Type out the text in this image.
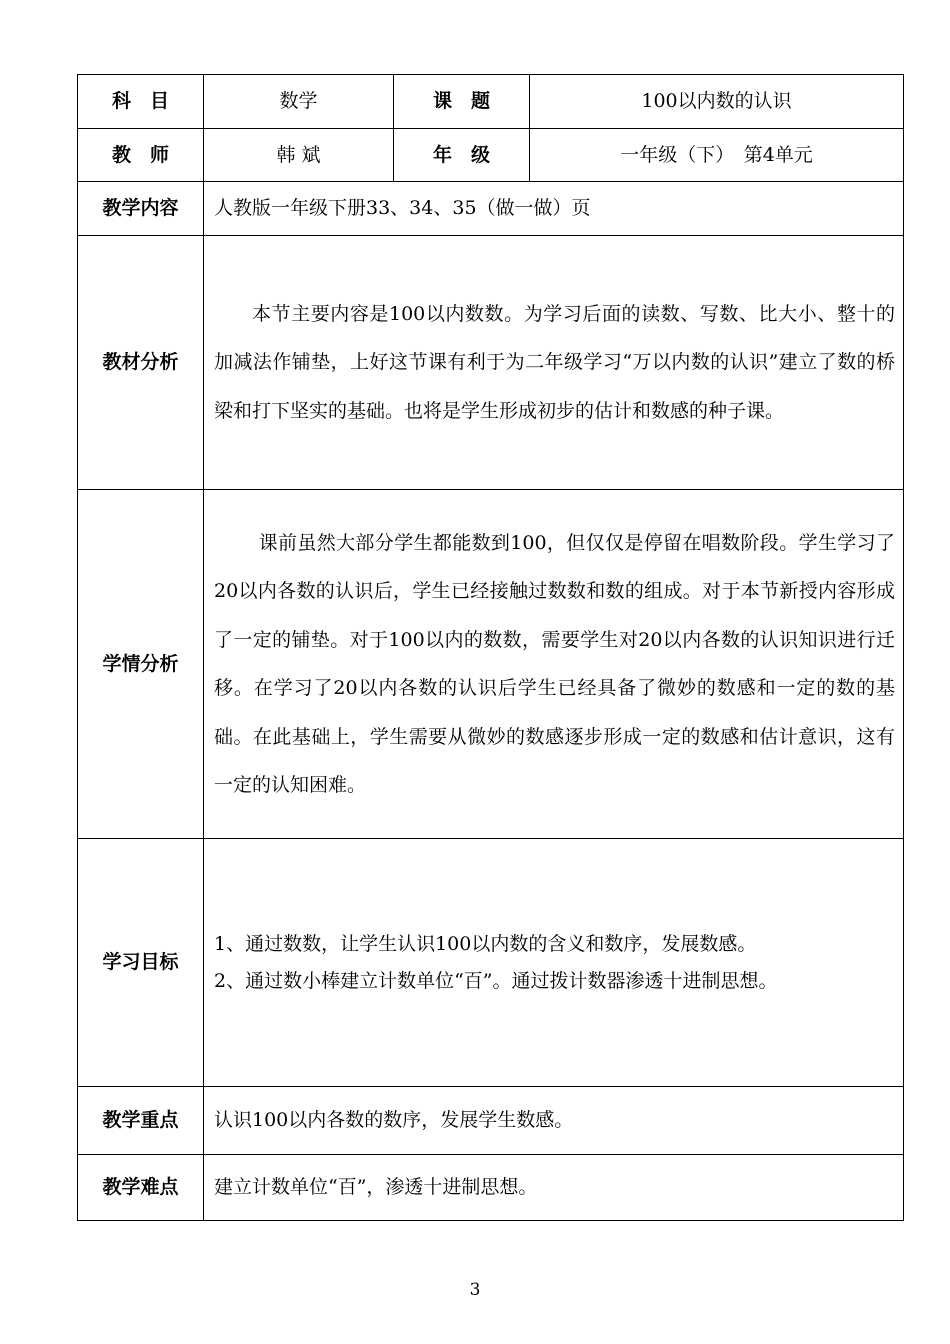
科　目	数学	课　题	100以内数的认识
教　师	韩 斌	年　级	一年级（下）　第4单元
教学内容	人教版一年级下册33、34、35（做一做）页		
教材分析	本节主要内容是100以内数数。为学习后面的读数、写数、比大小、整十的加减法作铺垫，上好这节课有利于为二年级学习“万以内数的认识”建立了数的桥梁和打下坚实的基础。也将是学生形成初步的估计和数感的种子课。		

学情分析	课前虽然大部分学生都能数到100，但仅仅是停留在唱数阶段。学生学习了20以内各数的认识后，学生已经接触过数数和数的组成。对于本节新授内容形成了一定的铺垫。对于100以内的数数，需要学生对20以内各数的认识知识进行迁移。在学习了20以内各数的认识后学生已经具备了微妙的数感和一定的数的基础。在此基础上，学生需要从微妙的数感逐步形成一定的数感和估计意识，这有一定的认知困难。		

学习目标	1、通过数数，让学生认识100以内数的含义和数序，发展数感。
2、通过数小棒建立计数单位“百”。通过拨计数器渗透十进制思想。		

教学重点	认识100以内各数的数序，发展学生数感。		
教学难点	建立计数单位“百”，渗透十进制思想。		
3
